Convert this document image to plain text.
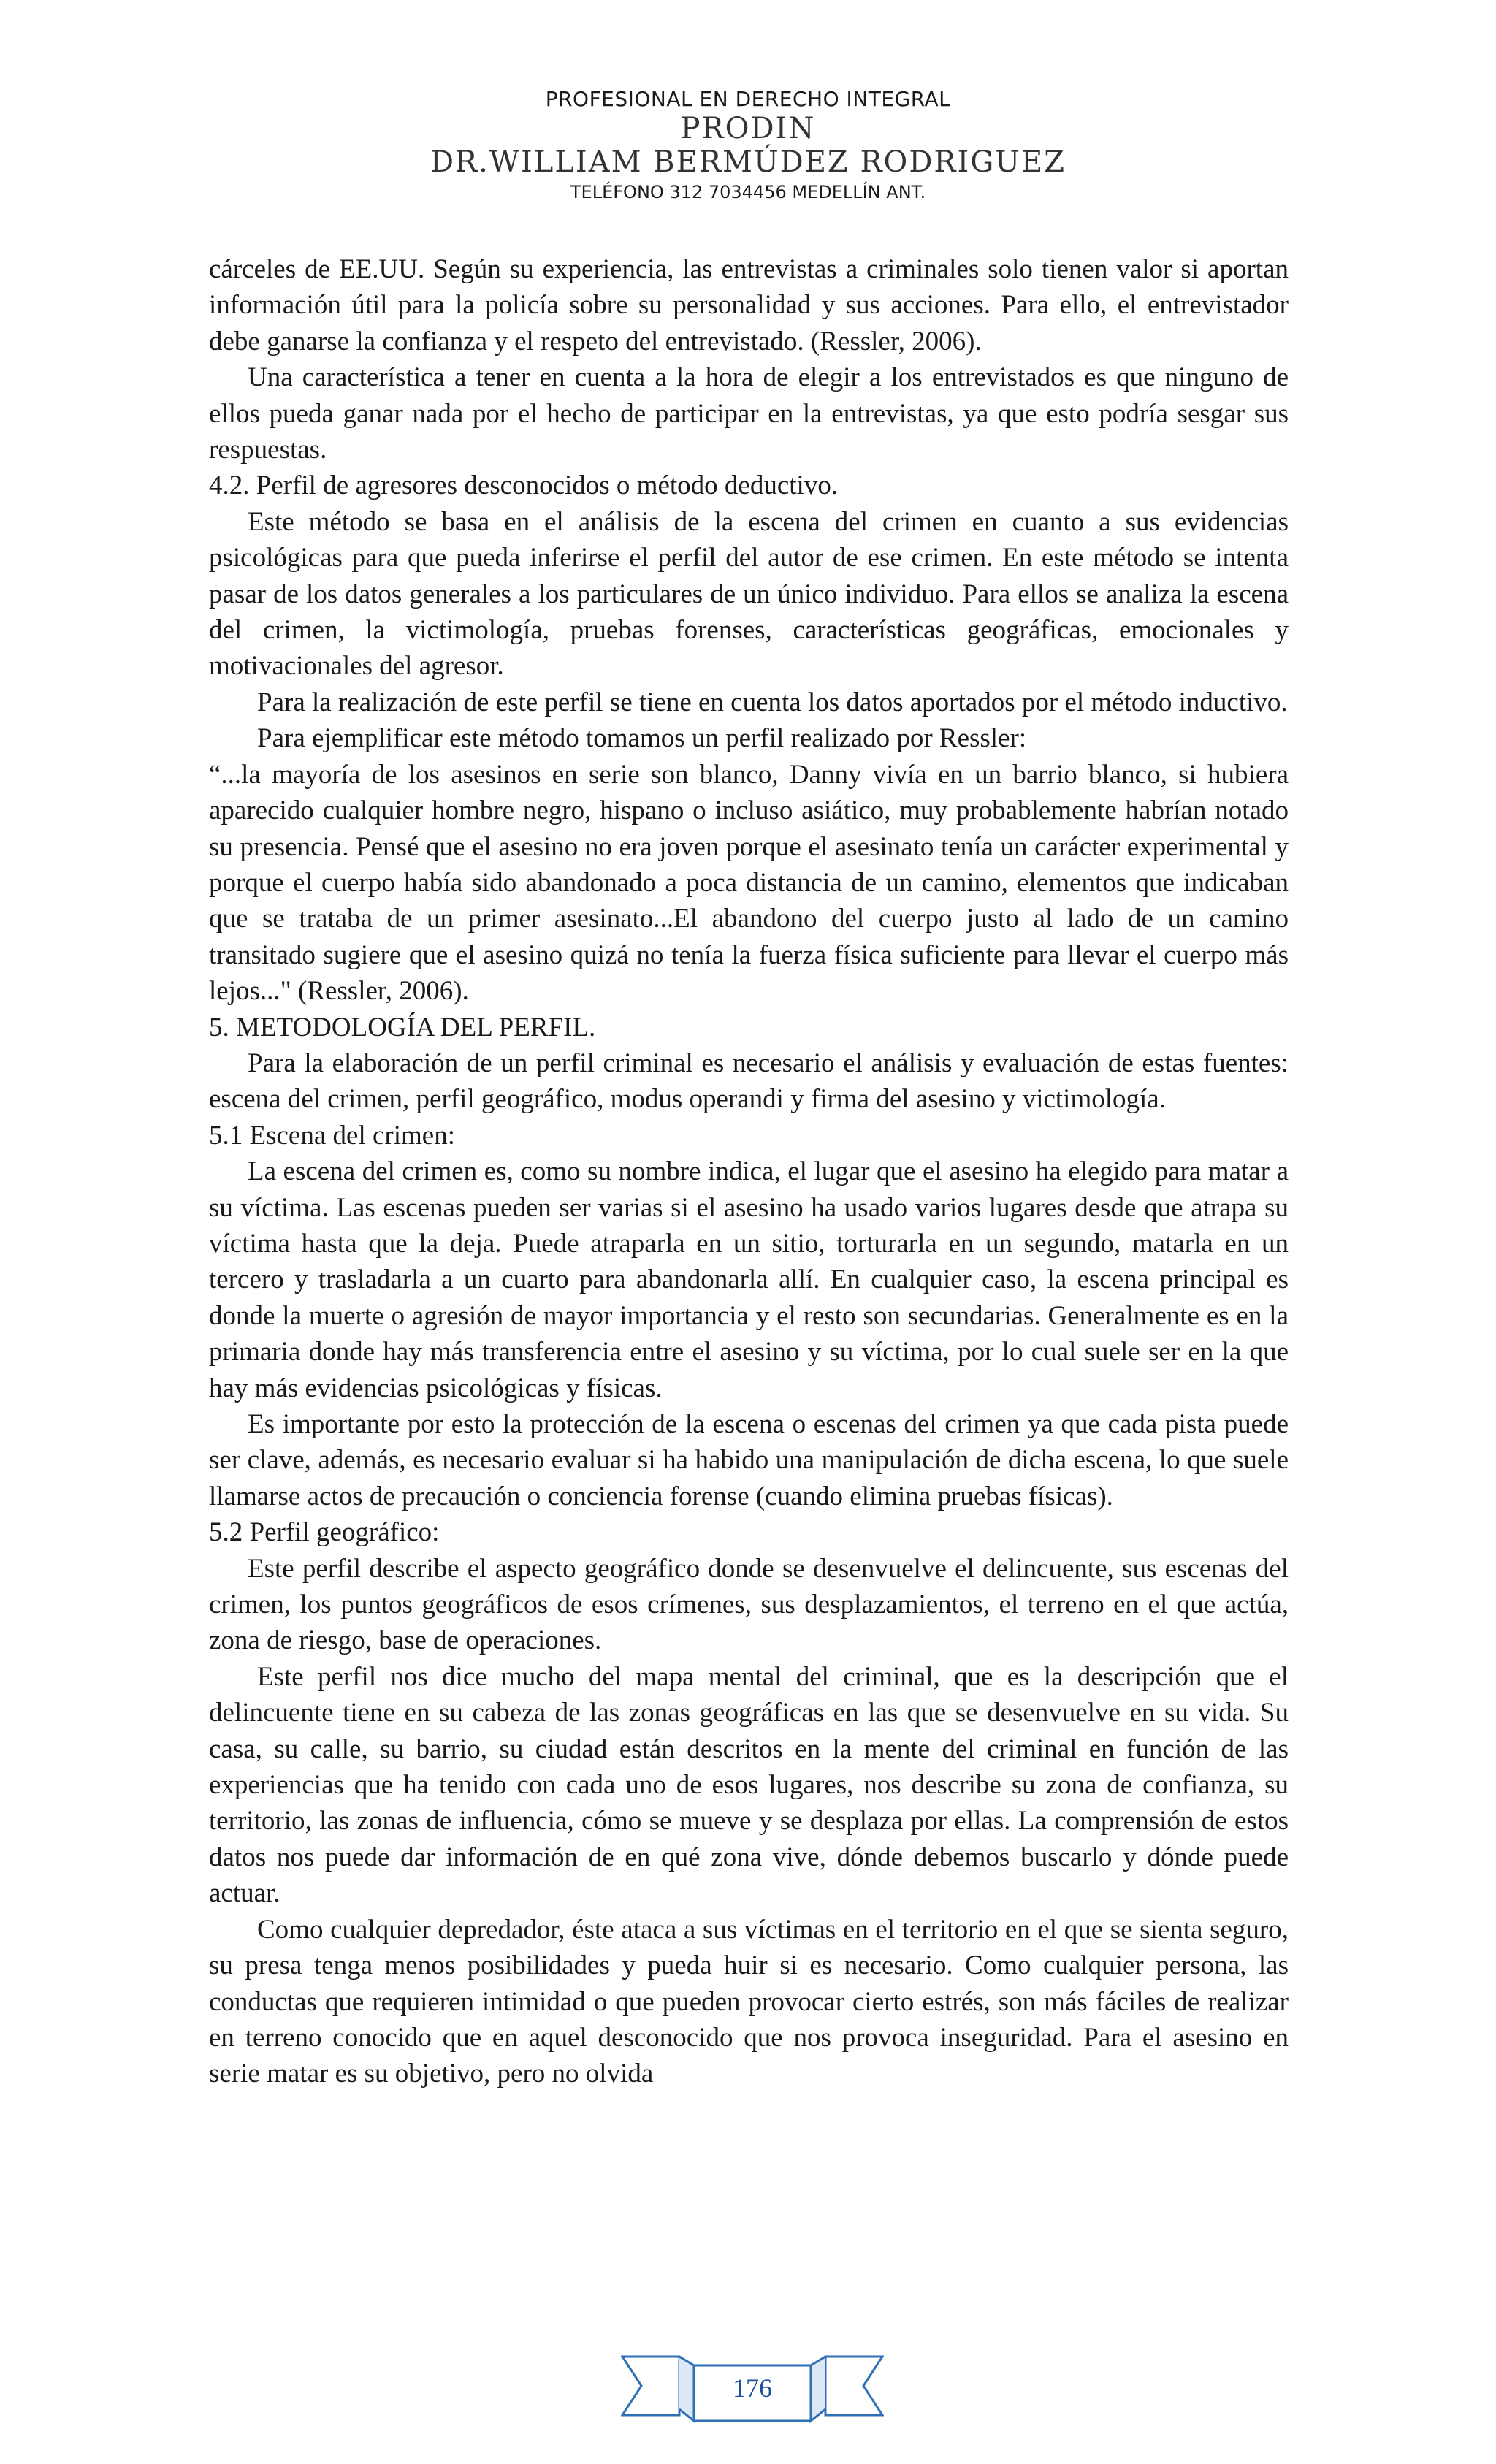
PROFESIONAL EN DERECHO INTEGRAL
PRODIN
DR.WILLIAM BERMÚDEZ RODRIGUEZ
TELÉFONO 312 7034456 MEDELLÍN ANT.

cárceles de EE.UU. Según su experiencia, las entrevistas a criminales solo tienen valor si aportan información útil para la policía sobre su personalidad y sus acciones. Para ello, el entrevistador debe ganarse la confianza y el respeto del entrevistado. (Ressler, 2006).

Una característica a tener en cuenta a la hora de elegir a los entrevistados es que ninguno de ellos pueda ganar nada por el hecho de participar en la entrevistas, ya que esto podría sesgar sus respuestas.

4.2. Perfil de agresores desconocidos o método deductivo.

Este método se basa en el análisis de la escena del crimen en cuanto a sus evidencias psicológicas para que pueda inferirse el perfil del autor de ese crimen. En este método se intenta pasar de los datos generales a los particulares de un único individuo. Para ellos se analiza la escena del crimen, la victimología, pruebas forenses, características geográficas, emocionales y motivacionales del agresor.

Para la realización de este perfil se tiene en cuenta los datos aportados por el método inductivo.

Para ejemplificar este método tomamos un perfil realizado por Ressler:

“...la mayoría de los asesinos en serie son blanco, Danny vivía en un barrio blanco, si hubiera aparecido cualquier hombre negro, hispano o incluso asiático, muy probablemente habrían notado su presencia. Pensé que el asesino no era joven porque el asesinato tenía un carácter experimental y porque el cuerpo había sido abandonado a poca distancia de un camino, elementos que indicaban que se trataba de un primer asesinato...El abandono del cuerpo justo al lado de un camino transitado sugiere que el asesino quizá no tenía la fuerza física suficiente para llevar el cuerpo más lejos..." (Ressler, 2006).

5. METODOLOGÍA DEL PERFIL.

Para la elaboración de un perfil criminal es necesario el análisis y evaluación de estas fuentes: escena del crimen, perfil geográfico, modus operandi y firma del asesino y victimología.

5.1 Escena del crimen:

La escena del crimen es, como su nombre indica, el lugar que el asesino ha elegido para matar a su víctima. Las escenas pueden ser varias si el asesino ha usado varios lugares desde que atrapa su víctima hasta que la deja. Puede atraparla en un sitio, torturarla en un segundo, matarla en un tercero y trasladarla a un cuarto para abandonarla allí. En cualquier caso, la escena principal es donde la muerte o agresión de mayor importancia y el resto son secundarias. Generalmente es en la primaria donde hay más transferencia entre el asesino y su víctima, por lo cual suele ser en la que hay más evidencias psicológicas y físicas.

Es importante por esto la protección de la escena o escenas del crimen ya que cada pista puede ser clave, además, es necesario evaluar si ha habido una manipulación de dicha escena, lo que suele llamarse actos de precaución o conciencia forense (cuando elimina pruebas físicas).

5.2 Perfil geográfico:

Este perfil describe el aspecto geográfico donde se desenvuelve el delincuente, sus escenas del crimen, los puntos geográficos de esos crímenes, sus desplazamientos, el terreno en el que actúa, zona de riesgo, base de operaciones.

Este perfil nos dice mucho del mapa mental del criminal, que es la descripción que el delincuente tiene en su cabeza de las zonas geográficas en las que se desenvuelve en su vida. Su casa, su calle, su barrio, su ciudad están descritos en la mente del criminal en función de las experiencias que ha tenido con cada uno de esos lugares, nos describe su zona de confianza, su territorio, las zonas de influencia, cómo se mueve y se desplaza por ellas. La comprensión de estos datos nos puede dar información de en qué zona vive, dónde debemos buscarlo y dónde puede actuar.

Como cualquier depredador, éste ataca a sus víctimas en el territorio en el que se sienta seguro, su presa tenga menos posibilidades y pueda huir si es necesario. Como cualquier persona, las conductas que requieren intimidad o que pueden provocar cierto estrés, son más fáciles de realizar en terreno conocido que en aquel desconocido que nos provoca inseguridad. Para el asesino en serie matar es su objetivo, pero no olvida

176
